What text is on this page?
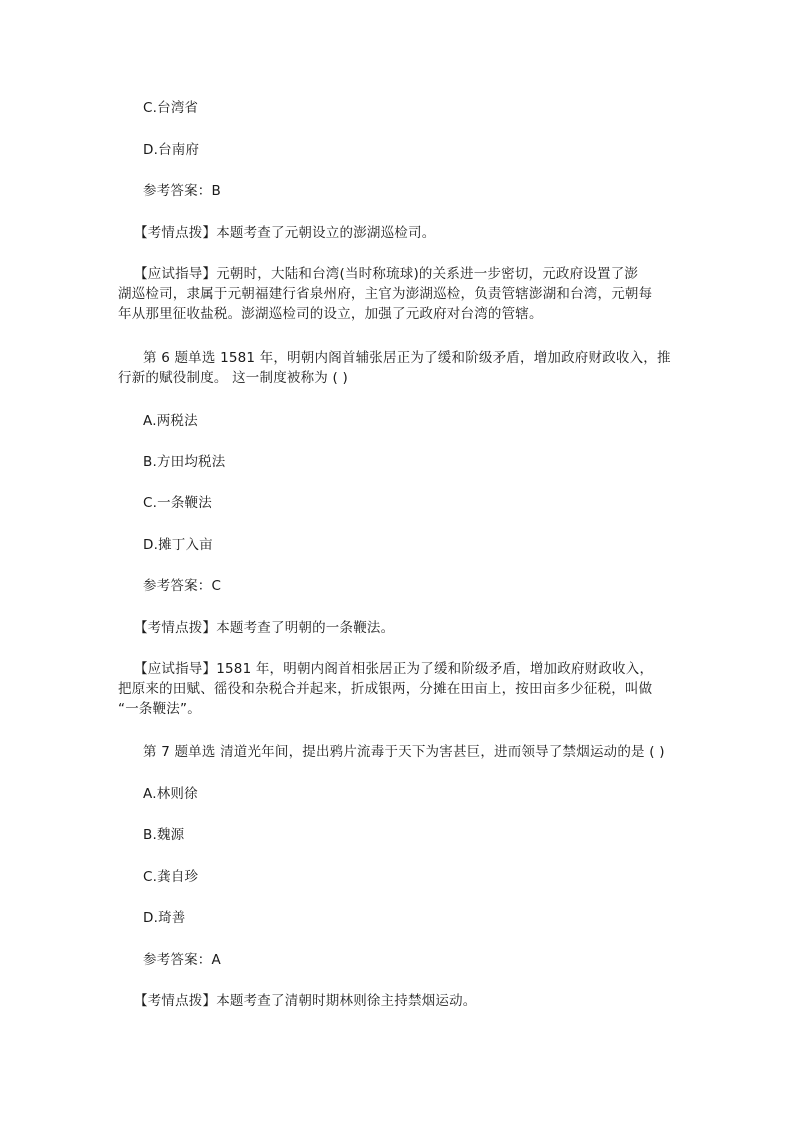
C.台湾省

D.台南府

参考答案：B

【考情点拨】本题考查了元朝设立的澎湖巡检司。

【应试指导】元朝时，大陆和台湾(当时称琉球)的关系进一步密切，元政府设置了澎
湖巡检司，隶属于元朝福建行省泉州府，主官为澎湖巡检，负责管辖澎湖和台湾，元朝每
年从那里征收盐税。澎湖巡检司的设立，加强了元政府对台湾的管辖。
第 6 题单选 1581 年，明朝内阁首辅张居正为了缓和阶级矛盾，增加政府财政收入，推
行新的赋役制度。 这一制度被称为 ( )

A.两税法

B.方田均税法

C.一条鞭法

D.摊丁入亩

参考答案：C

【考情点拨】本题考查了明朝的一条鞭法。

【应试指导】1581 年，明朝内阁首相张居正为了缓和阶级矛盾，增加政府财政收入，
把原来的田赋、徭役和杂税合并起来，折成银两，分摊在田亩上，按田亩多少征税，叫做
“一条鞭法”。

第 7 题单选 清道光年间，提出鸦片流毒于天下为害甚巨，进而领导了禁烟运动的是 ( )

A.林则徐

B.魏源

C.龚自珍

D.琦善

参考答案：A

【考情点拨】本题考查了清朝时期林则徐主持禁烟运动。
